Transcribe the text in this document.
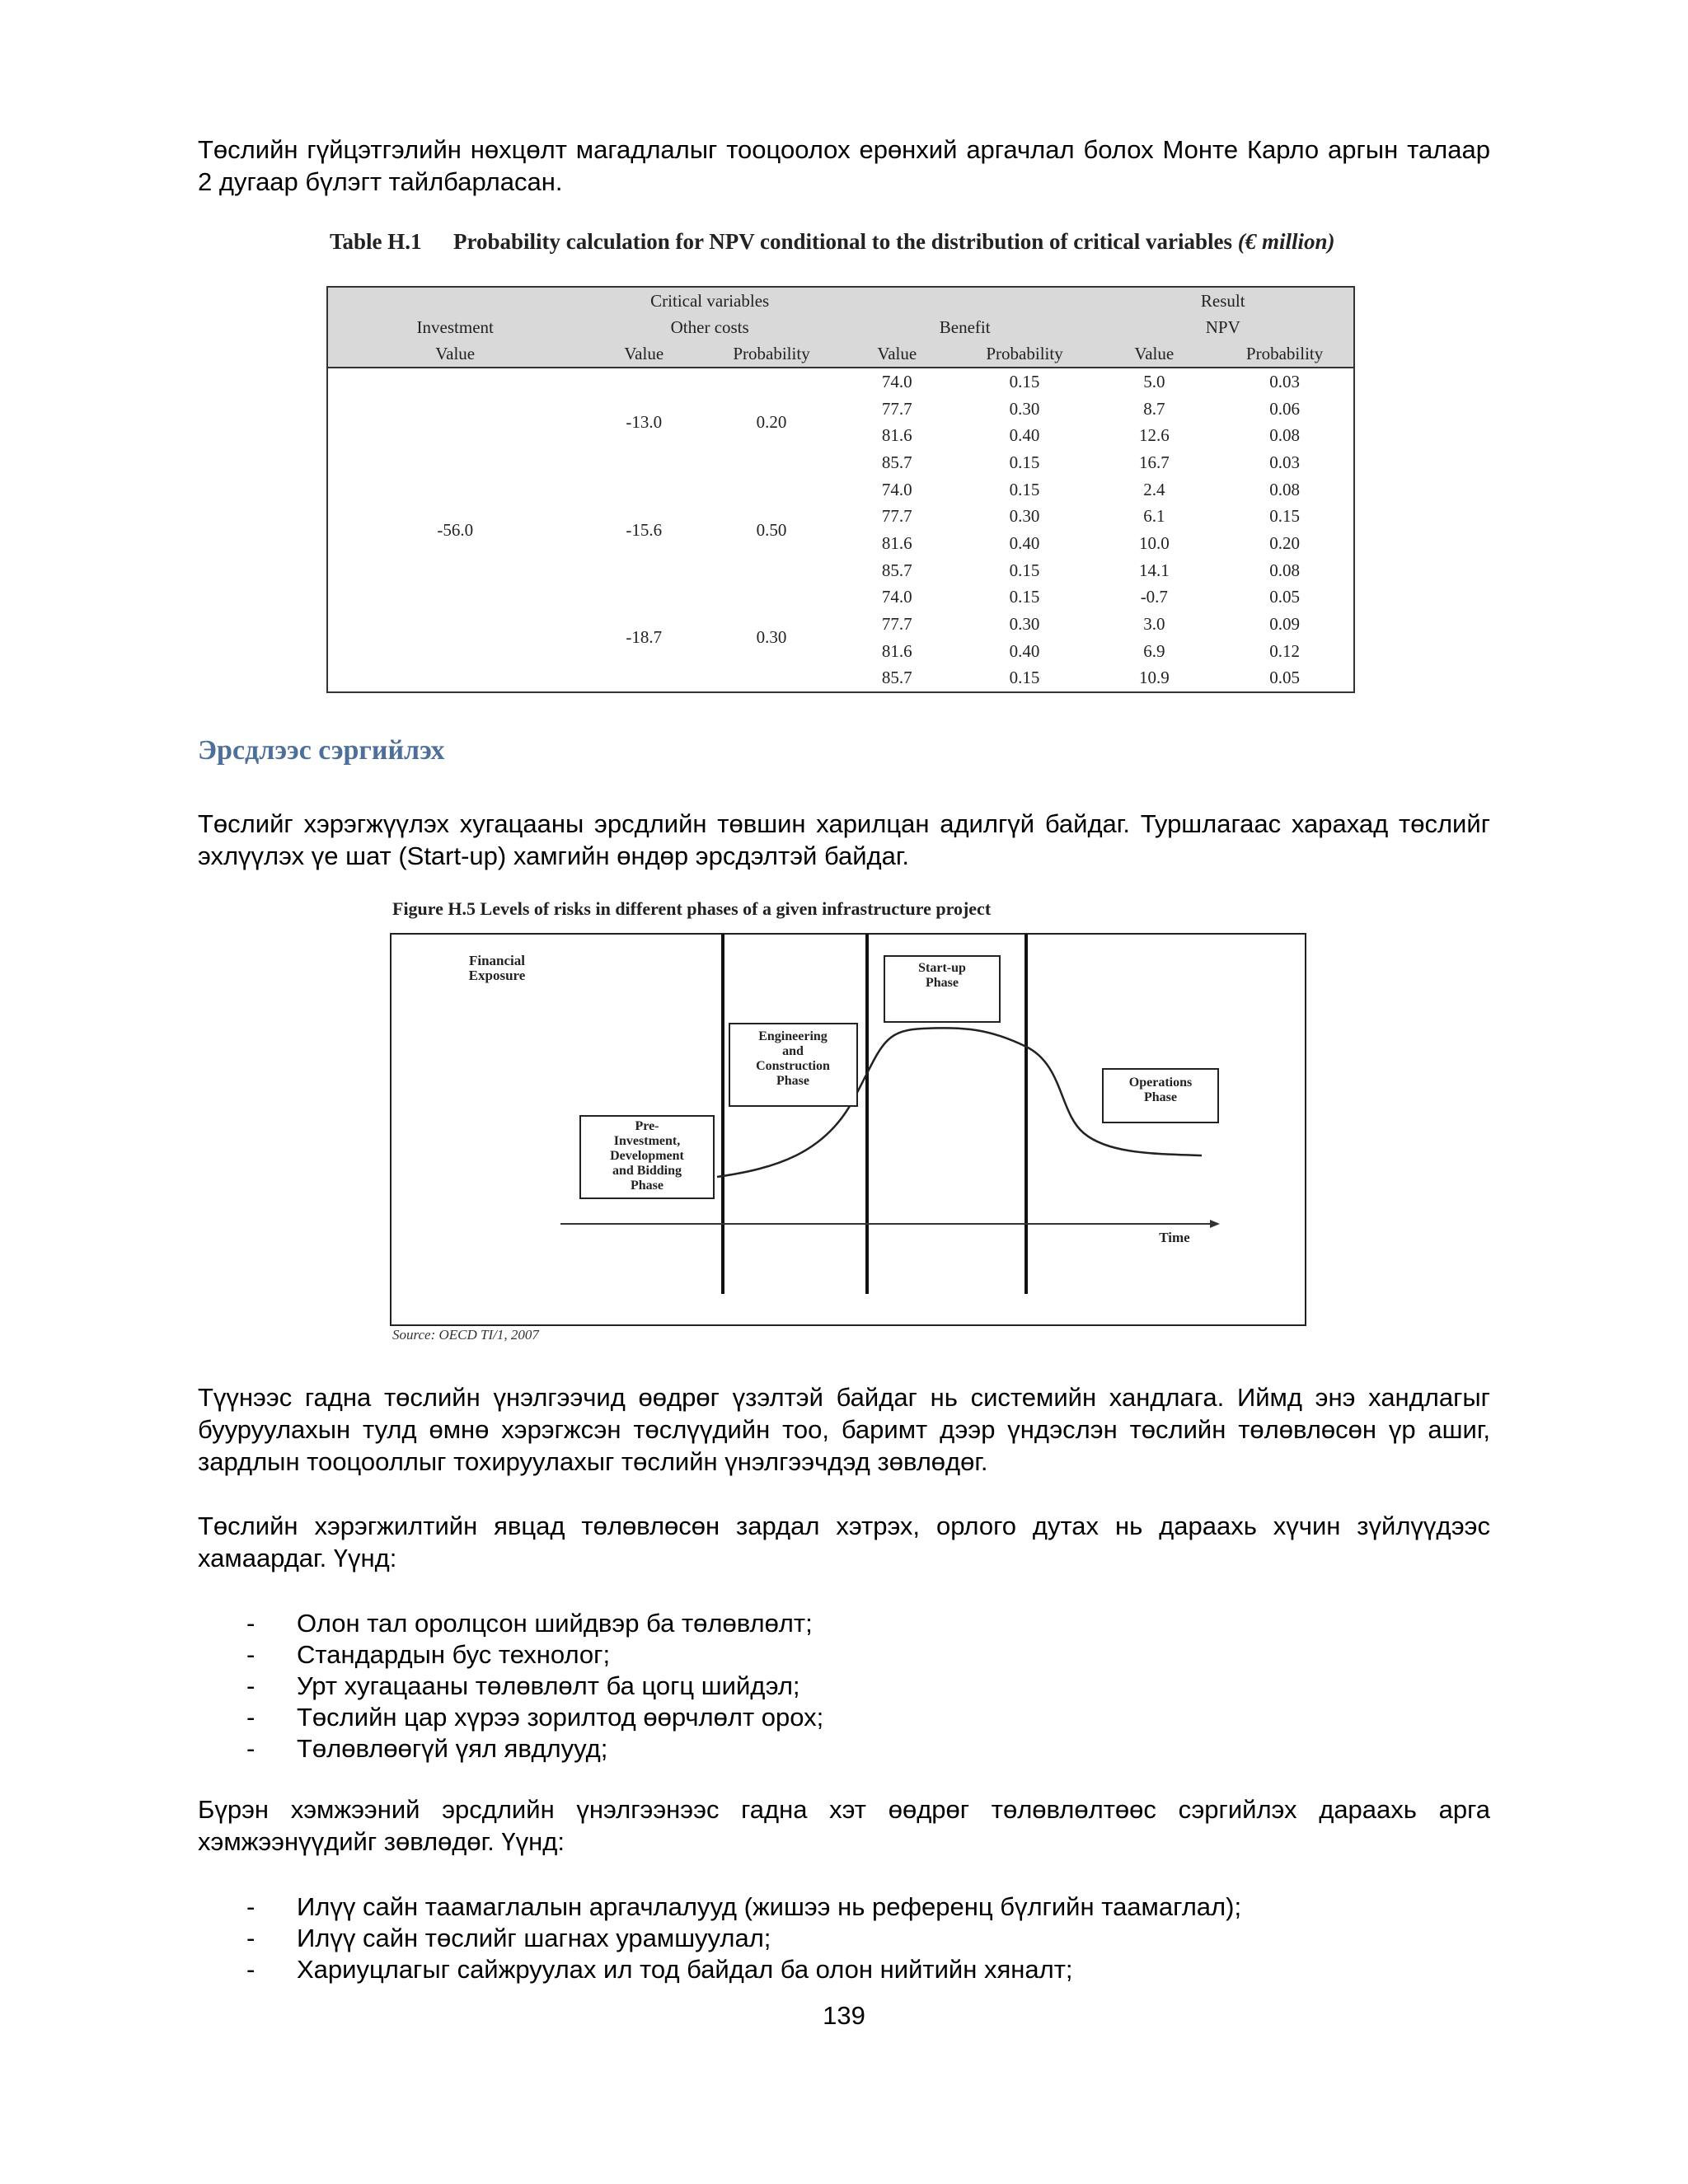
Төслийн гүйцэтгэлийн нөхцөлт магадлалыг тооцоолох ерөнхий аргачлал болох Монте Карло аргын талаар 2 дугаар бүлэгт тайлбарласан.

Table H.1 Probability calculation for NPV conditional to the distribution of critical variables (€ million)
	Critical variables				Result	
Investment	Other costs		Benefit		NPV	
Value	Value	Probability	Value	Probability	Value	Probability
-56.0	-13.0	0.20	74.0	0.15	5.0	0.03
			77.7	0.30	8.7	0.06
			81.6	0.40	12.6	0.08
			85.7	0.15	16.7	0.03
	-15.6	0.50	74.0	0.15	2.4	0.08
			77.7	0.30	6.1	0.15
			81.6	0.40	10.0	0.20
			85.7	0.15	14.1	0.08
	-18.7	0.30	74.0	0.15	-0.7	0.05
			77.7	0.30	3.0	0.09
			81.6	0.40	6.9	0.12
			85.7	0.15	10.9	0.05
Эрсдлээс сэргийлэх

Төслийг хэрэгжүүлэх хугацааны эрсдлийн төвшин харилцан адилгүй байдаг. Туршлагаас харахад төслийг эхлүүлэх үе шат (Start-up) хамгийн өндөр эрсдэлтэй байдаг.

Figure H.5 Levels of risks in different phases of a given infrastructure project
Financial
Exposure
Time
Pre-
Investment,
Development
and Bidding
Phase
Engineering
and
Construction
Phase
Start-up
Phase
Operations
Phase
Source: OECD TI/1, 2007

Түүнээс гадна төслийн үнэлгээчид өөдрөг үзэлтэй байдаг нь системийн хандлага. Иймд энэ хандлагыг бууруулахын тулд өмнө хэрэгжсэн төслүүдийн тоо, баримт дээр үндэслэн төслийн төлөвлөсөн үр ашиг, зардлын тооцооллыг тохируулахыг төслийн үнэлгээчдэд зөвлөдөг.

Төслийн хэрэгжилтийн явцад төлөвлөсөн зардал хэтрэх, орлого дутах нь дараахь хүчин зүйлүүдээс хамаардаг. Үүнд:

- Олон тал оролцсон шийдвэр ба төлөвлөлт;
- Стандардын бус технолог;
- Урт хугацааны төлөвлөлт ба цогц шийдэл;
- Төслийн цар хүрээ зорилтод өөрчлөлт орох;
- Төлөвлөөгүй үял явдлууд;

Бүрэн хэмжээний эрсдлийн үнэлгээнээс гадна хэт өөдрөг төлөвлөлтөөс сэргийлэх дараахь арга хэмжээнүүдийг зөвлөдөг. Үүнд:

- Илүү сайн таамаглалын аргачлалууд (жишээ нь референц бүлгийн таамаглал);
- Илүү сайн төслийг шагнах урамшуулал;
- Хариуцлагыг сайжруулах ил тод байдал ба олон нийтийн хяналт;
139
